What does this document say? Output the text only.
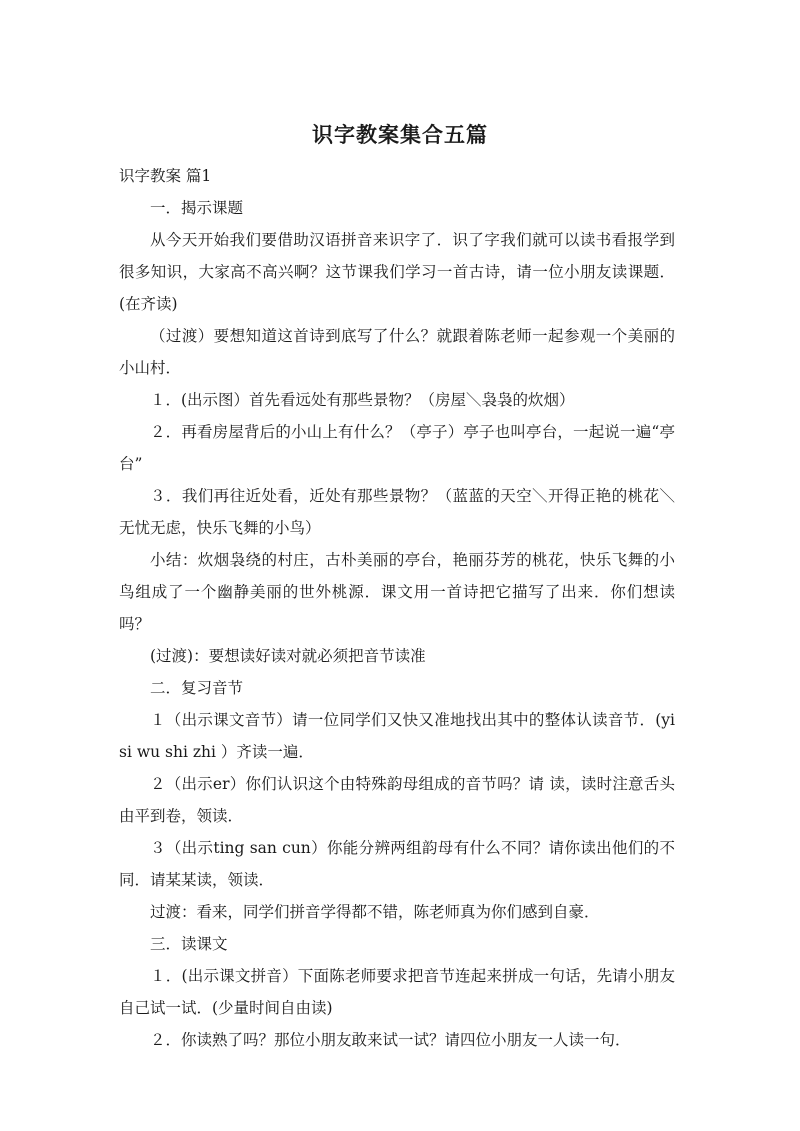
识字教案集合五篇

识字教案 篇1

一．揭示课题

从今天开始我们要借助汉语拼音来识字了．识了字我们就可以读书看报学到很多知识，大家高不高兴啊？这节课我们学习一首古诗，请一位小朋友读课题．(在齐读)

（过渡）要想知道这首诗到底写了什么？就跟着陈老师一起参观一个美丽的小山村．

１．(出示图）首先看远处有那些景物？（房屋＼袅袅的炊烟）

２．再看房屋背后的小山上有什么？（亭子）亭子也叫亭台，一起说一遍“亭台”

３．我们再往近处看，近处有那些景物？（蓝蓝的天空＼开得正艳的桃花＼无忧无虑，快乐飞舞的小鸟）

小结：炊烟袅绕的村庄，古朴美丽的亭台，艳丽芬芳的桃花，快乐飞舞的小鸟组成了一个幽静美丽的世外桃源．课文用一首诗把它描写了出来．你们想读吗？

(过渡)：要想读好读对就必须把音节读准

二．复习音节

１（出示课文音节）请一位同学们又快又准地找出其中的整体认读音节．(yi si wu shi zhi ）齐读一遍．

２（出示er）你们认识这个由特殊韵母组成的音节吗？请 读，读时注意舌头由平到卷，领读．

３（出示ting san cun）你能分辨两组韵母有什么不同？请你读出他们的不同．请某某读，领读．

过渡：看来，同学们拼音学得都不错，陈老师真为你们感到自豪．

三．读课文

１．(出示课文拼音）下面陈老师要求把音节连起来拼成一句话，先请小朋友自己试一试．(少量时间自由读)

２．你读熟了吗？那位小朋友敢来试一试？请四位小朋友一人读一句．
